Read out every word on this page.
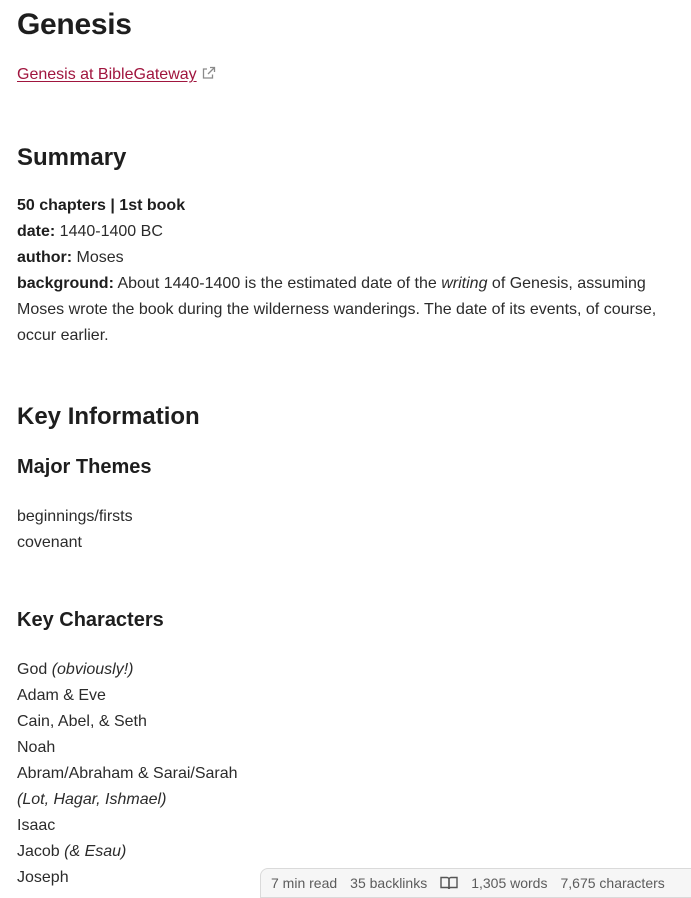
Genesis
Genesis at BibleGateway
Summary
50 chapters | 1st book
date: 1440-1400 BC
author: Moses
background: About 1440-1400 is the estimated date of the writing of Genesis, assuming Moses wrote the book during the wilderness wanderings. The date of its events, of course, occur earlier.
Key Information
Major Themes
beginnings/firsts
covenant
Key Characters
God (obviously!)
Adam & Eve
Cain, Abel, & Seth
Noah
Abram/Abraham & Sarai/Sarah
(Lot, Hagar, Ishmael)
Isaac
Jacob (& Esau)
Joseph	7 min read 35 backlinks	1,305 words 7,675 characters
